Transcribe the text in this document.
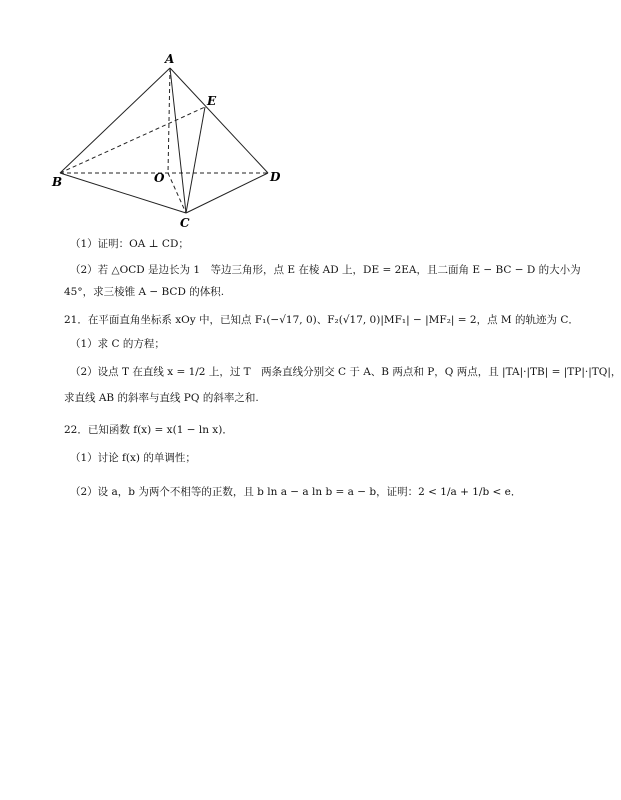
A
E
B	O	D
C
（1）证明：OA ⊥ CD；
（2）若 △OCD 是边长为 1　等边三角形，点 E 在棱 AD 上，DE = 2EA，且二面角 E − BC − D 的大小为
45°，求三棱锥 A − BCD 的体积.
21．在平面直角坐标系 xOy 中，已知点 F₁(−√17, 0)、F₂(√17, 0)|MF₁| − |MF₂| = 2，点 M 的轨迹为 C．
（1）求 C 的方程；
（2）设点 T 在直线 x = 1/2 上，过 T　两条直线分别交 C 于 A、B 两点和 P，Q 两点，且 |TA|·|TB| = |TP|·|TQ|，
求直线 AB 的斜率与直线 PQ 的斜率之和.
22．已知函数 f(x) = x(1 − ln x)．
（1）讨论 f(x) 的单调性；
（2）设 a，b 为两个不相等的正数，且 b ln a − a ln b = a − b，证明：2 < 1/a + 1/b < e．
